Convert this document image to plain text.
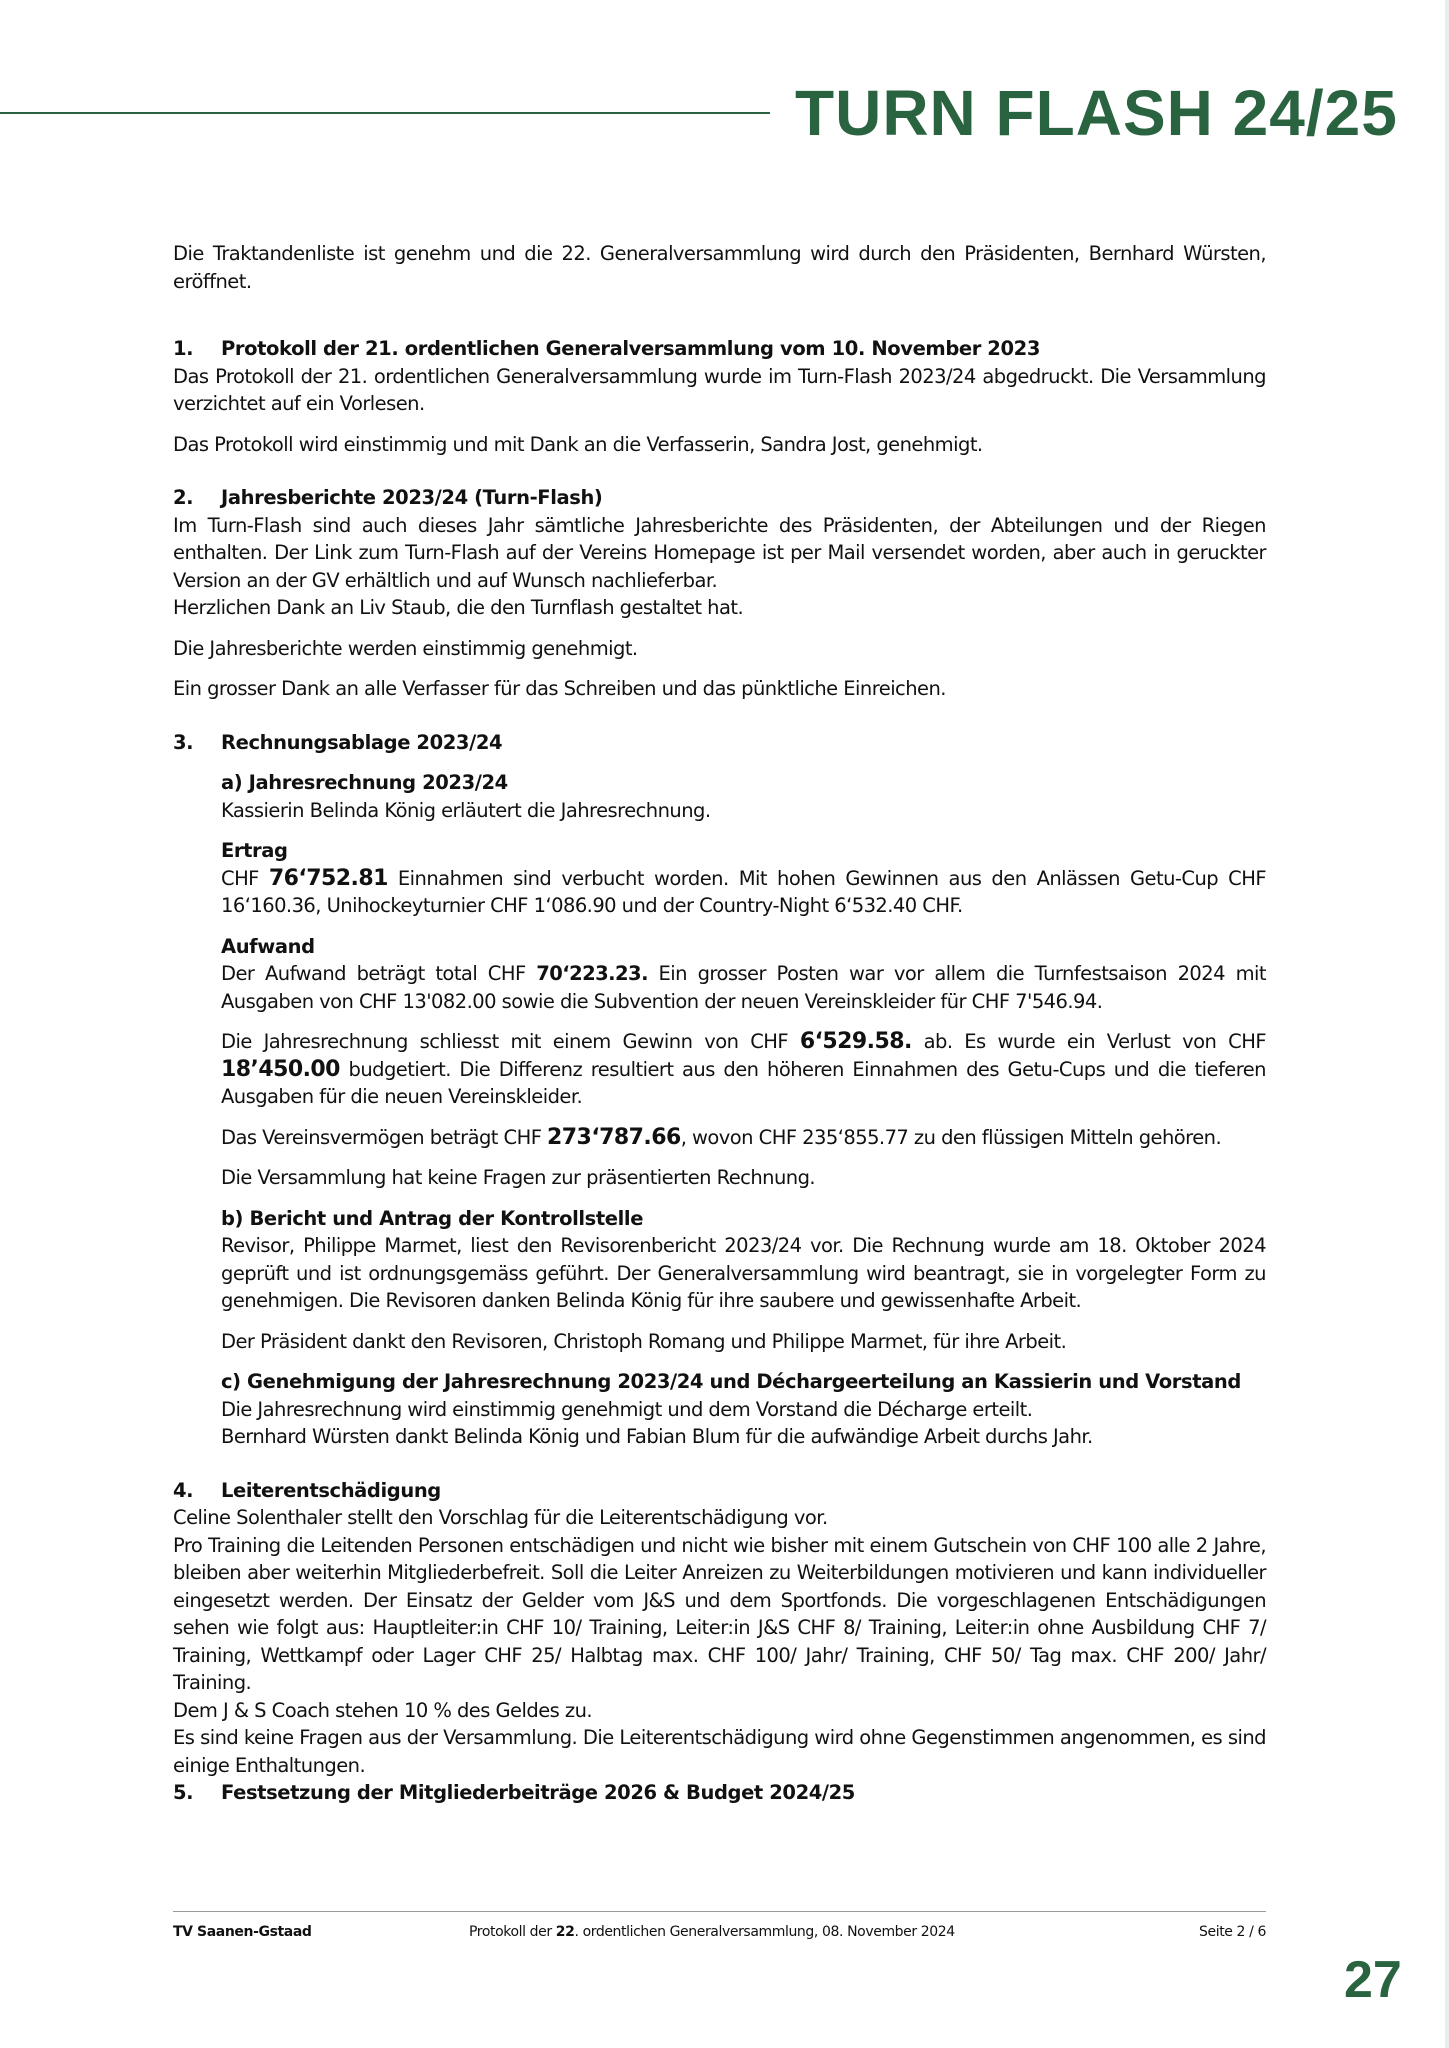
TURN FLASH 24/25

Die Traktandenliste ist genehm und die 22. Generalversammlung wird durch den Präsidenten, Bernhard Würsten, eröffnet.

1.	Protokoll der 21. ordentlichen Generalversammlung vom 10. November 2023

Das Protokoll der 21. ordentlichen Generalversammlung wurde im Turn-Flash 2023/24 abgedruckt. Die Versammlung verzichtet auf ein Vorlesen.

Das Protokoll wird einstimmig und mit Dank an die Verfasserin, Sandra Jost, genehmigt.

2.	Jahresberichte 2023/24 (Turn-Flash)

Im Turn-Flash sind auch dieses Jahr sämtliche Jahresberichte des Präsidenten, der Abteilungen und der Riegen enthalten. Der Link zum Turn-Flash auf der Vereins Homepage ist per Mail versendet worden, aber auch in geruckter Version an der GV erhältlich und auf Wunsch nachlieferbar.

Herzlichen Dank an Liv Staub, die den Turnflash gestaltet hat.

Die Jahresberichte werden einstimmig genehmigt.

Ein grosser Dank an alle Verfasser für das Schreiben und das pünktliche Einreichen.

3.	Rechnungsablage 2023/24

a) Jahresrechnung 2023/24

Kassierin Belinda König erläutert die Jahresrechnung.

Ertrag

CHF 76‘752.81 Einnahmen sind verbucht worden. Mit hohen Gewinnen aus den Anlässen Getu-Cup CHF 16‘160.36, Unihockeyturnier CHF 1‘086.90 und der Country-Night 6‘532.40 CHF.

Aufwand

Der Aufwand beträgt total CHF 70‘223.23. Ein grosser Posten war vor allem die Turnfestsaison 2024 mit Ausgaben von CHF 13'082.00 sowie die Subvention der neuen Vereinskleider für CHF 7'546.94.

Die Jahresrechnung schliesst mit einem Gewinn von CHF 6‘529.58. ab. Es wurde ein Verlust von CHF 18’450.00 budgetiert. Die Differenz resultiert aus den höheren Einnahmen des Getu-Cups und die tieferen Ausgaben für die neuen Vereinskleider.

Das Vereinsvermögen beträgt CHF 273‘787.66, wovon CHF 235‘855.77 zu den flüssigen Mitteln gehören.

Die Versammlung hat keine Fragen zur präsentierten Rechnung.

b) Bericht und Antrag der Kontrollstelle

Revisor, Philippe Marmet, liest den Revisorenbericht 2023/24 vor. Die Rechnung wurde am 18. Oktober 2024 geprüft und ist ordnungsgemäss geführt. Der Generalversammlung wird beantragt, sie in vorgelegter Form zu genehmigen. Die Revisoren danken Belinda König für ihre saubere und gewissenhafte Arbeit.

Der Präsident dankt den Revisoren, Christoph Romang und Philippe Marmet, für ihre Arbeit.

c) Genehmigung der Jahresrechnung 2023/24 und Déchargeerteilung an Kassierin und Vorstand

Die Jahresrechnung wird einstimmig genehmigt und dem Vorstand die Décharge erteilt.

Bernhard Würsten dankt Belinda König und Fabian Blum für die aufwändige Arbeit durchs Jahr.

4.	Leiterentschädigung

Celine Solenthaler stellt den Vorschlag für die Leiterentschädigung vor.

Pro Training die Leitenden Personen entschädigen und nicht wie bisher mit einem Gutschein von CHF 100 alle 2 Jahre, bleiben aber weiterhin Mitgliederbefreit. Soll die Leiter Anreizen zu Weiterbildungen motivieren und kann individueller eingesetzt werden. Der Einsatz der Gelder vom J&S und dem Sportfonds. Die vorgeschlagenen Entschädigungen sehen wie folgt aus: Hauptleiter:in CHF 10/ Training, Leiter:in J&S CHF 8/ Training, Leiter:in ohne Ausbildung CHF 7/ Training, Wettkampf oder Lager CHF 25/ Halbtag max. CHF 100/ Jahr/ Training, CHF 50/ Tag max. CHF 200/ Jahr/ Training.

Dem J & S Coach stehen 10 % des Geldes zu.

Es sind keine Fragen aus der Versammlung. Die Leiterentschädigung wird ohne Gegenstimmen angenommen, es sind einige Enthaltungen.

5.	Festsetzung der Mitgliederbeiträge 2026 & Budget 2024/25
TV Saanen-Gstaad	Protokoll der 22. ordentlichen Generalversammlung, 08. November 2024	Seite 2 / 6
27
